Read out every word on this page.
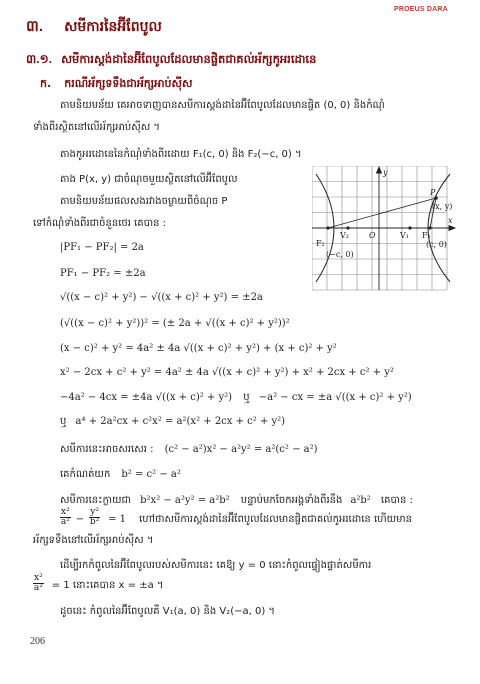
PROEUS DARA
៣. សមីការនៃអ៊ីពែបូល
៣.១. សមីការស្តង់ដានៃអ៊ីពែបូលដែលមានផ្ចិតជាគល់អ័ក្សកូអរដោនេ
ក. ករណីអ័ក្សទទឹងជាអ័ក្សអាប់ស៊ីស
តាមនិយមន័យ គេអាចទាញបានសមីការស្តង់ដានៃអ៊ីពែបូលដែលមានផ្ចិត (0, 0) និងកំណុំ
ទាំងពីរស្ថិតនៅលើអ័ក្សអាប់ស៊ីស ។
តាងកូអរដោនេនៃកំណុំទាំងពីរដោយ F₁(c, 0) និង F₂(−c, 0) ។
តាង P(x, y) ជាចំណុចមួយស្ថិតនៅលើអ៊ីពែបូល
តាមនិយមន័យផលសងរវាងចម្ងាយពីចំណុច P
ទៅកំណុំទាំងពីរជាចំនួនថេរ គេបាន :
y
x
P
(x, y)
V₂	O	V₁ F₁
(c, 0)
F₂
(−c, 0)
|PF₁ − PF₂| = 2a
PF₁ − PF₂ = ±2a
√((x − c)² + y²) − √((x + c)² + y²) = ±2a
(√((x − c)² + y²))² = (± 2a + √((x + c)² + y²))²
(x − c)² + y² = 4a² ± 4a √((x + c)² + y²) + (x + c)² + y²
x² − 2cx + c² + y² = 4a² ± 4a √((x + c)² + y²) + x² + 2cx + c² + y²
−4a² − 4cx = ±4a √((x + c)² + y²) ឬ −a² − cx = ±a √((x + c)² + y²)
ឬ a⁴ + 2a²cx + c²x² = a²(x² + 2cx + c² + y²)
សមីការនេះអាចសរសេរ : (c² − a²)x² − a²y² = a²(c² − a²)
គេកំណត់យក b² = c² − a²
សមីការនេះក្លាយជា b²x² − a²y² = a²b² បន្ទាប់មកចែកអង្គទាំងពីរនឹង a²b² គេបាន :
$\frac{\text{x²}}{\text{a²}} - \frac{\text{y²}}{\text{b²}} = 1$ ហៅថាសមីការស្តង់ដានៃអ៊ីពែបូលដែលមានផ្ចិតជាគល់កូអរដោនេ ហើយមាន
អ័ក្សទទឹងនៅលើអ័ក្សអាប់ស៊ីស ។
ដើម្បីរកកំពូលនៃអ៊ីពែបូលរបស់សមីការនេះ គេឱ្យ y = 0 នោះកំពូលផ្ទៀងផ្ទាត់សមីការ
$\frac{\text{x²}}{\text{a²}} = 1$ នោះគេបាន x = ±a ។
ដូចនេះ កំពូលនៃអ៊ីពែបូលគឺ V₁(a, 0) និង V₂(−a, 0) ។
206
